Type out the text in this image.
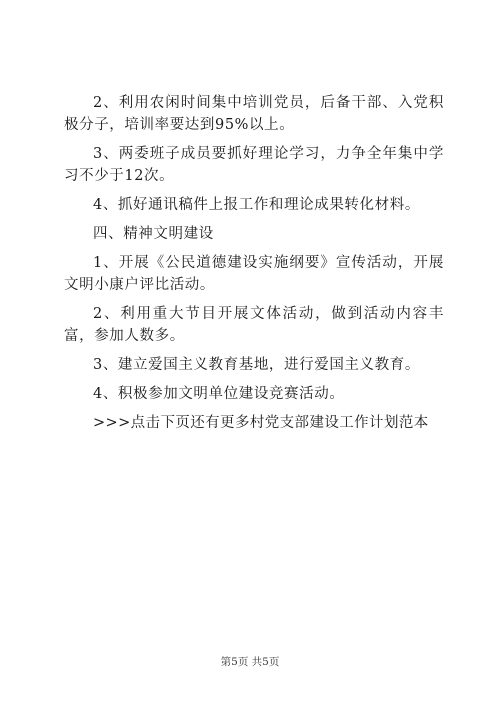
2、利用农闲时间集中培训党员，后备干部、入党积极分子，培训率要达到95%以上。

3、两委班子成员要抓好理论学习，力争全年集中学习不少于12次。

4、抓好通讯稿件上报工作和理论成果转化材料。

四、精神文明建设

1、开展《公民道德建设实施纲要》宣传活动，开展文明小康户评比活动。

2、利用重大节目开展文体活动，做到活动内容丰富，参加人数多。

3、建立爱国主义教育基地，进行爱国主义教育。

4、积极参加文明单位建设竞赛活动。

>>>点击下页还有更多村党支部建设工作计划范本

第5页 共5页
